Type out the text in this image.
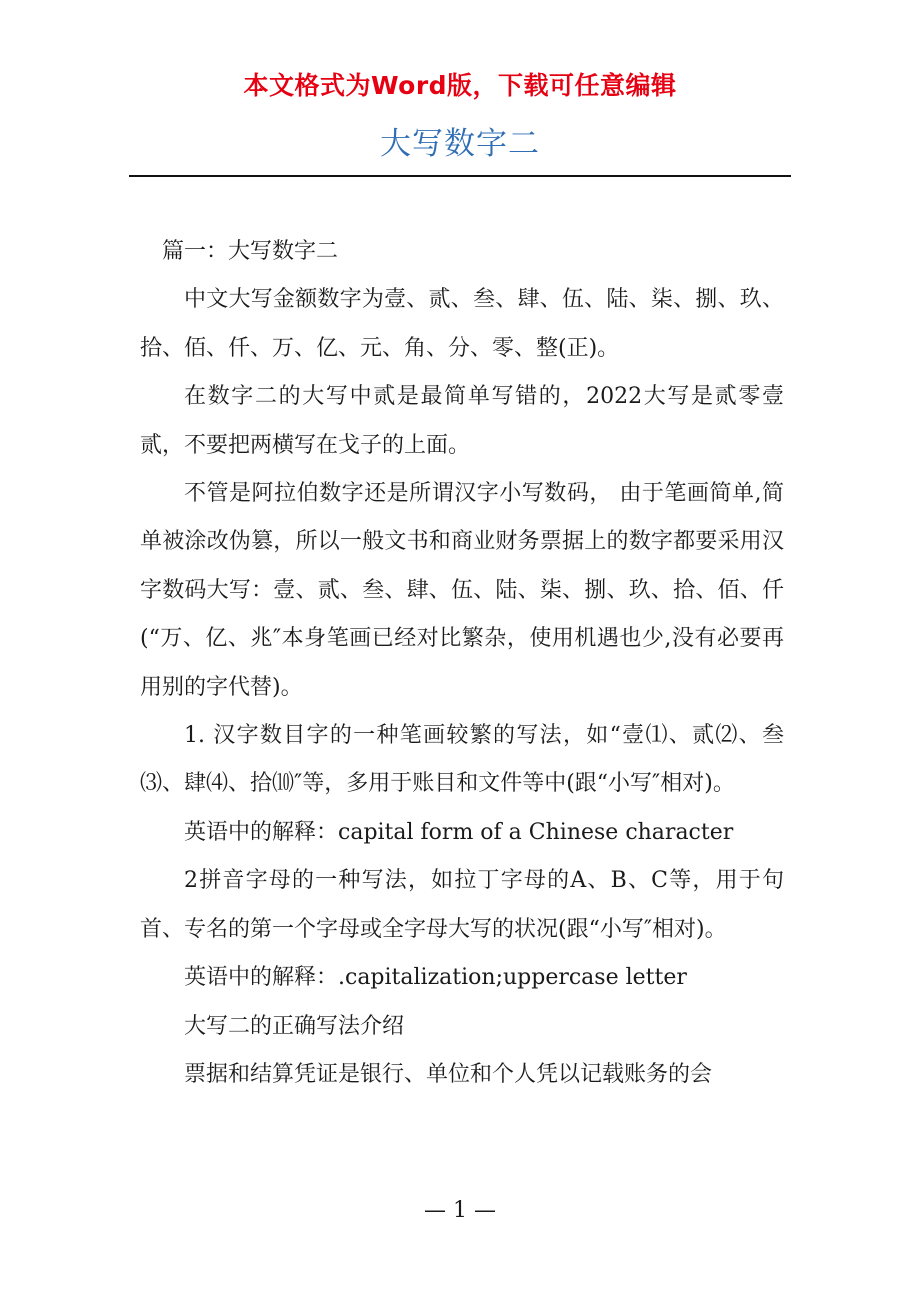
本文格式为Word版，下载可任意编辑
大写数字二

篇一：大写数字二

中文大写金额数字为壹、贰、叁、肆、伍、陆、柒、捌、玖、拾、佰、仟、万、亿、元、角、分、零、整(正)。

在数字二的大写中贰是最简单写错的，2022大写是贰零壹贰，不要把两横写在戈子的上面。

不管是阿拉伯数字还是所谓汉字小写数码， 由于笔画简单,简单被涂改伪篡，所以一般文书和商业财务票据上的数字都要采用汉字数码大写：壹、贰、叁、肆、伍、陆、柒、捌、玖、拾、佰、仟(“万、亿、兆″本身笔画已经对比繁杂，使用机遇也少,没有必要再用别的字代替)。

1. 汉字数目字的一种笔画较繁的写法，如“壹⑴、贰⑵、叁⑶、肆⑷、拾⑽″等，多用于账目和文件等中(跟“小写″相对)。

英语中的解释：capital form of a Chinese character

2拼音字母的一种写法，如拉丁字母的A、B、C等，用于句首、专名的第一个字母或全字母大写的状况(跟“小写″相对)。

英语中的解释：.capitalization;uppercase letter

大写二的正确写法介绍

票据和结算凭证是银行、单位和个人凭以记载账务的会

— 1 —
